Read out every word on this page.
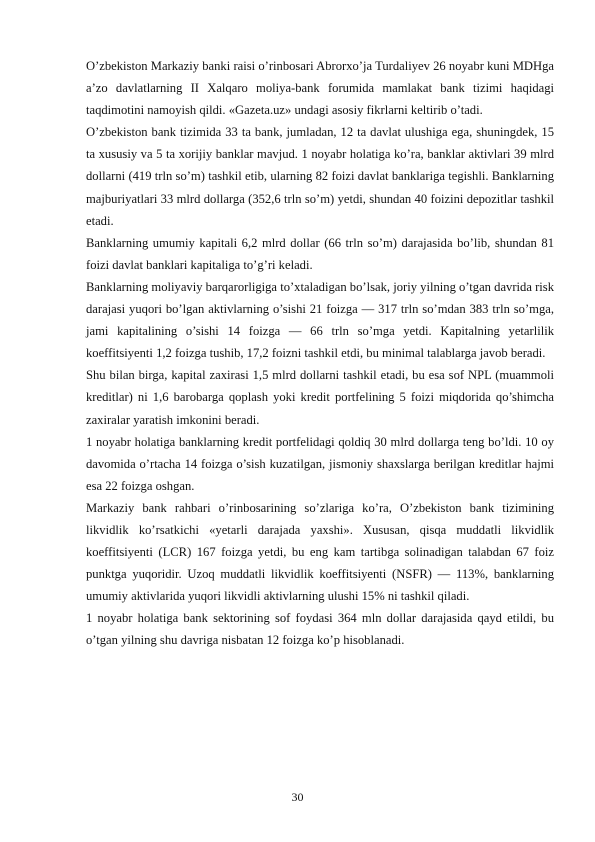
O’zbekiston Markaziy banki raisi o’rinbosari Abrorxo’ja Turdaliyev 26 noyabr kuni MDHga a’zo davlatlarning II Xalqaro moliya-bank forumida mamlakat bank tizimi haqidagi taqdimotini namoyish qildi. «Gazeta.uz» undagi asosiy fikrlarni keltirib o’tadi.

O’zbekiston bank tizimida 33 ta bank, jumladan, 12 ta davlat ulushiga ega, shuningdek, 15 ta xususiy va 5 ta xorijiy banklar mavjud. 1 noyabr holatiga ko’ra, banklar aktivlari 39 mlrd dollarni (419 trln so’m) tashkil etib, ularning 82 foizi davlat banklariga tegishli. Banklarning majburiyatlari 33 mlrd dollarga (352,6 trln so’m) yetdi, shundan 40 foizini depozitlar tashkil etadi.

Banklarning umumiy kapitali 6,2 mlrd dollar (66 trln so’m) darajasida bo’lib, shundan 81 foizi davlat banklari kapitaliga to’g’ri keladi.

Banklarning moliyaviy barqarorligiga to’xtaladigan bo’lsak, joriy yilning o’tgan davrida risk darajasi yuqori bo’lgan aktivlarning o’sishi 21 foizga — 317 trln so’mdan 383 trln so’mga, jami kapitalining o’sishi 14 foizga — 66 trln so’mga yetdi. Kapitalning yetarlilik koeffitsiyenti 1,2 foizga tushib, 17,2 foizni tashkil etdi, bu minimal talablarga javob beradi.

Shu bilan birga, kapital zaxirasi 1,5 mlrd dollarni tashkil etadi, bu esa sof NPL (muammoli kreditlar) ni 1,6 barobarga qoplash yoki kredit portfelining 5 foizi miqdorida qo’shimcha zaxiralar yaratish imkonini beradi.

1 noyabr holatiga banklarning kredit portfelidagi qoldiq 30 mlrd dollarga teng bo’ldi. 10 oy davomida o’rtacha 14 foizga o’sish kuzatilgan, jismoniy shaxslarga berilgan kreditlar hajmi esa 22 foizga oshgan.

Markaziy bank rahbari o’rinbosarining so’zlariga ko’ra, O’zbekiston bank tizimining likvidlik ko’rsatkichi «yetarli darajada yaxshi». Xususan, qisqa muddatli likvidlik koeffitsiyenti (LCR) 167 foizga yetdi, bu eng kam tartibga solinadigan talabdan 67 foiz punktga yuqoridir. Uzoq muddatli likvidlik koeffitsiyenti (NSFR) — 113%, banklarning umumiy aktivlarida yuqori likvidli aktivlarning ulushi 15% ni tashkil qiladi.

1 noyabr holatiga bank sektorining sof foydasi 364 mln dollar darajasida qayd etildi, bu o’tgan yilning shu davriga nisbatan 12 foizga ko’p hisoblanadi.

30
